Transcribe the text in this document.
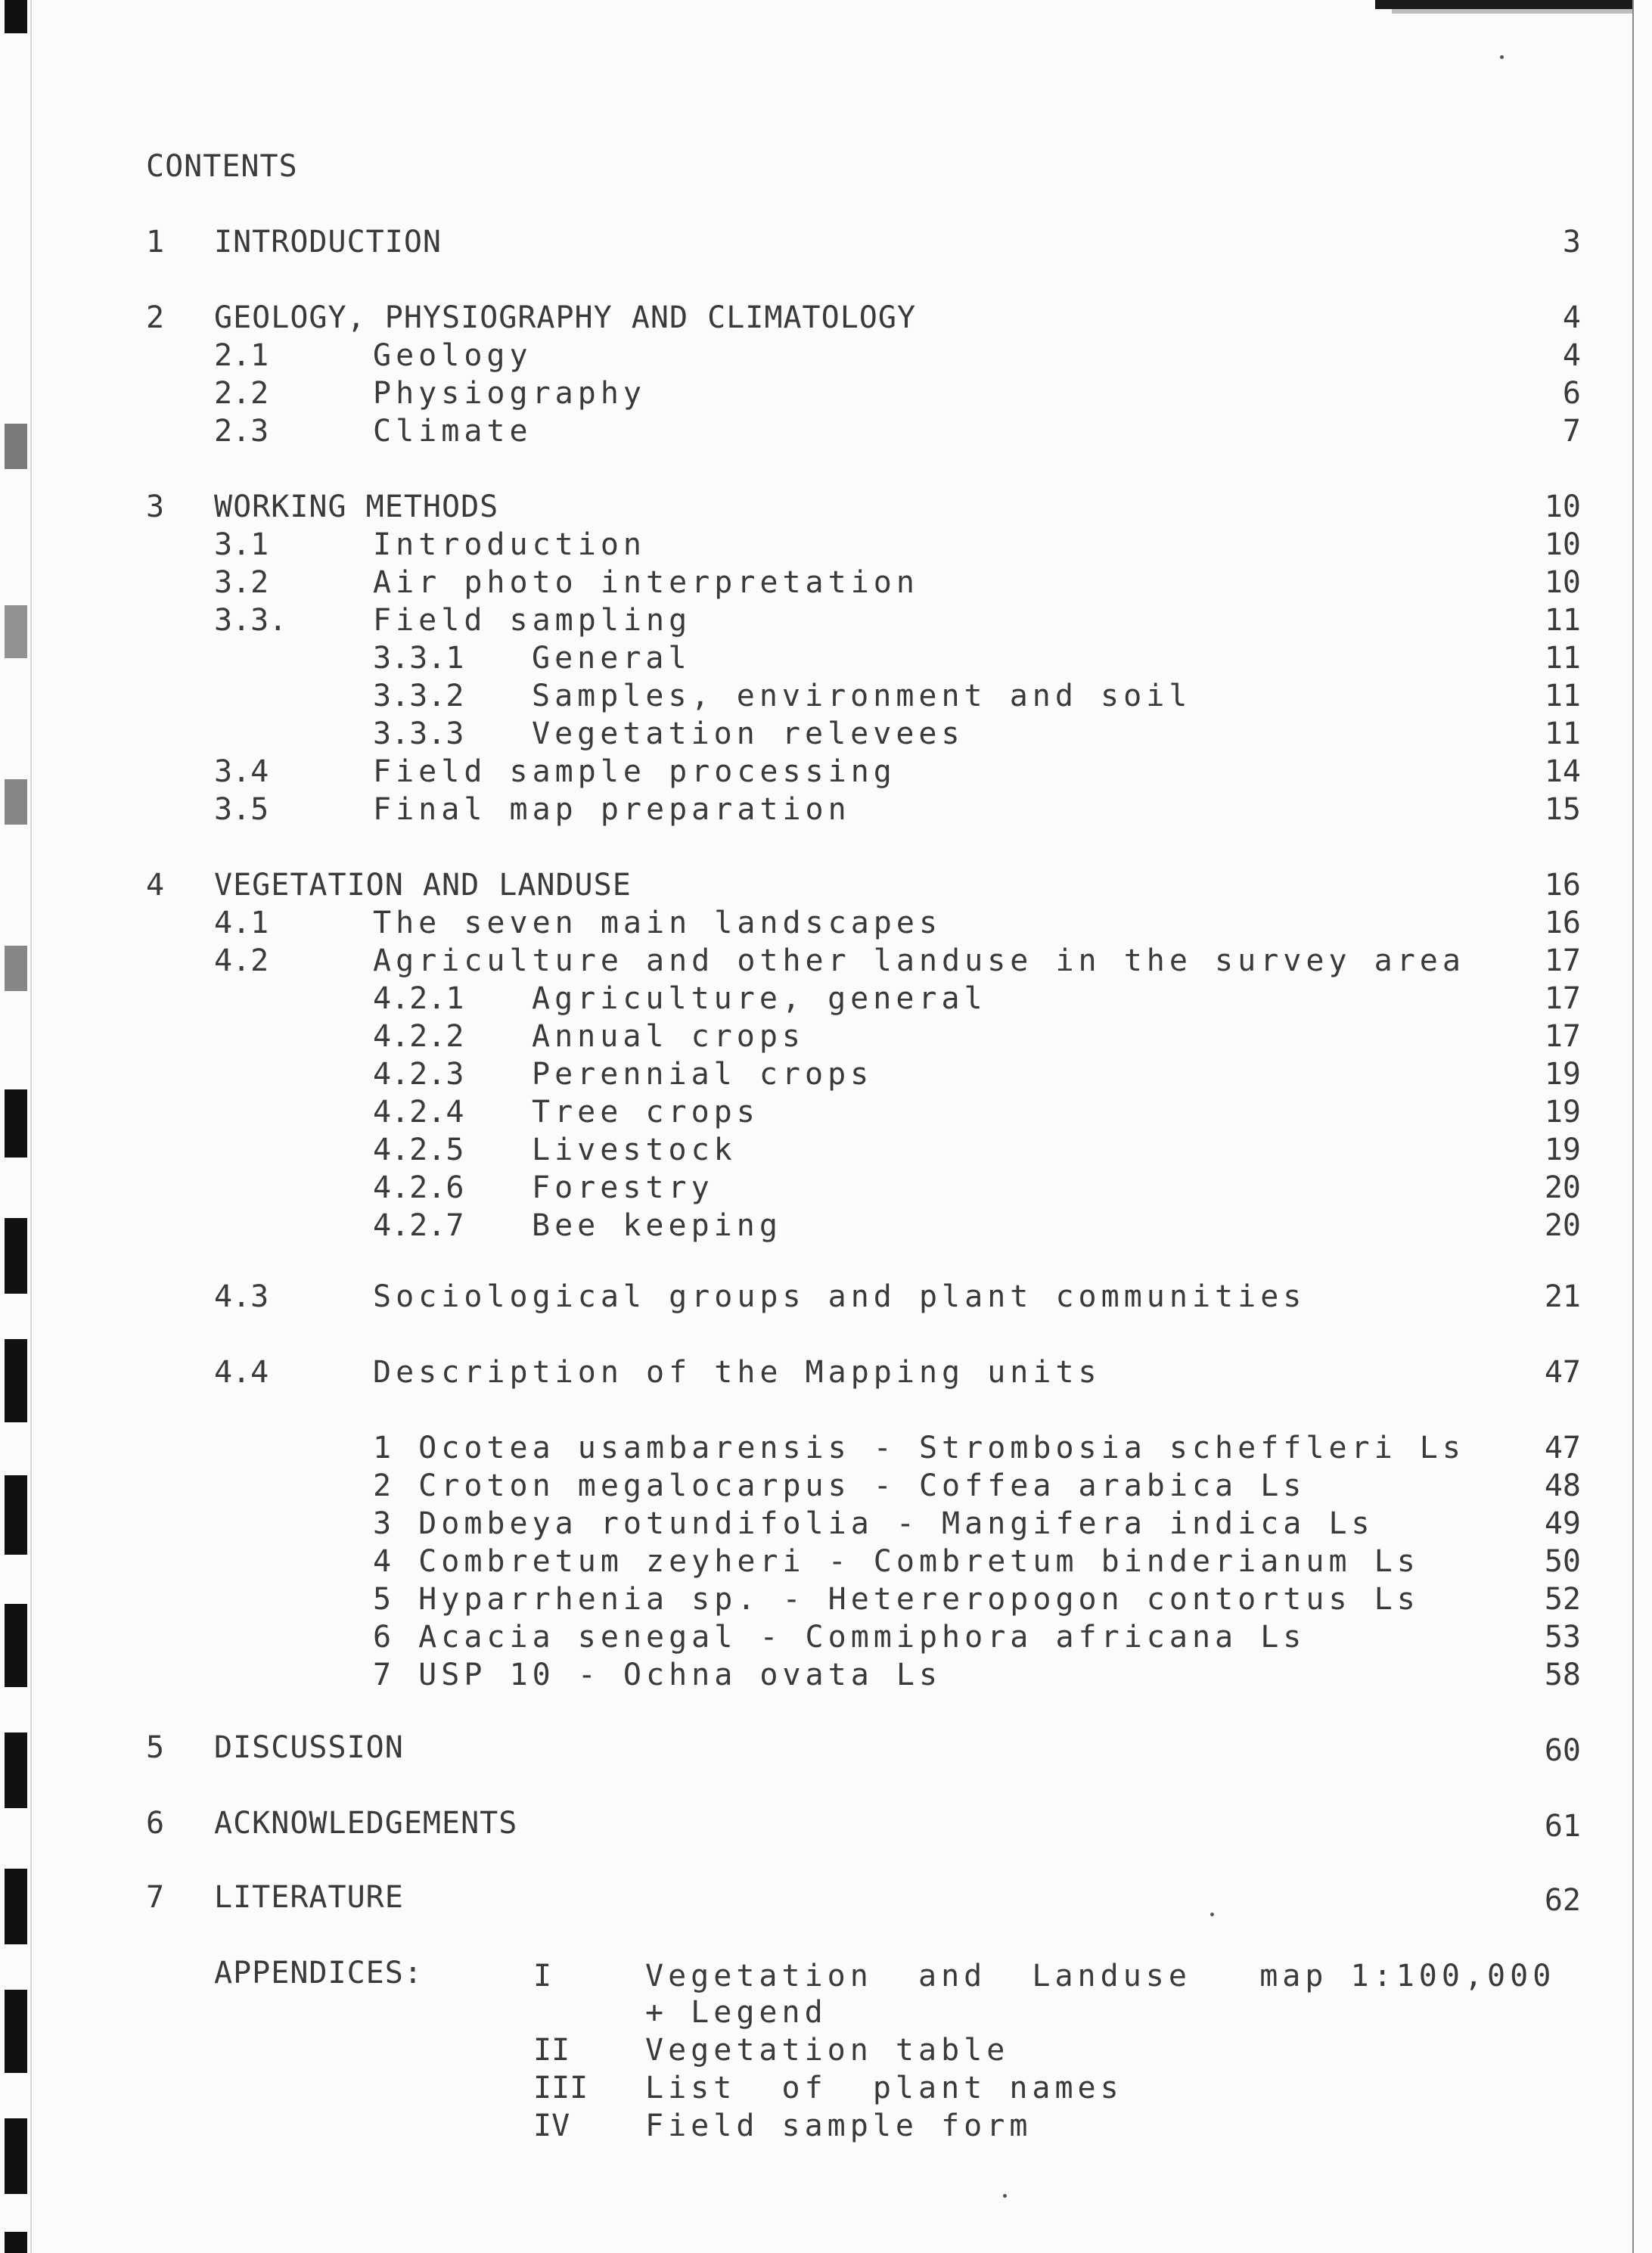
CONTENTS
1 INTRODUCTION	3
2 GEOLOGY, PHYSIOGRAPHY AND CLIMATOLOGY	4
2.1	Geology	4
2.2	Physiography	6
2.3	Climate	7
3 WORKING METHODS	10
3.1	Introduction	10
3.2	Air photo interpretation	10
3.3.	Field sampling	11
3.3.1 General	11
3.3.2 Samples, environment and soil	11
3.3.3 Vegetation relevees	11
3.4	Field sample processing	14
3.5	Final map preparation	15
4 VEGETATION AND LANDUSE	16
4.1	The seven main landscapes	16
4.2	Agriculture and other landuse in the survey area	17
4.2.1 Agriculture, general	17
4.2.2 Annual crops	17
4.2.3 Perennial crops	19
4.2.4 Tree crops	19
4.2.5 Livestock	19
4.2.6 Forestry	20
4.2.7 Bee keeping	20
4.3	Sociological groups and plant communities	21
4.4	Description of the Mapping units	47
1 Ocotea usambarensis - Strombosia scheffleri Ls	47
2 Croton megalocarpus - Coffea arabica Ls	48
3 Dombeya rotundifolia - Mangifera indica Ls	49
4 Combretum zeyheri - Combretum binderianum Ls	50
5 Hyparrhenia sp. - Hetereropogon contortus Ls	52
6 Acacia senegal - Commiphora africana Ls	53
7 USP 10 - Ochna ovata Ls	58
5 DISCUSSION	60
6 ACKNOWLEDGEMENTS	61
7 LITERATURE	62
APPENDICES:	I	Vegetation  and  Landuse   map 1:100,000
+ Legend
II Vegetation table
III List  of  plant names
IV Field sample form
